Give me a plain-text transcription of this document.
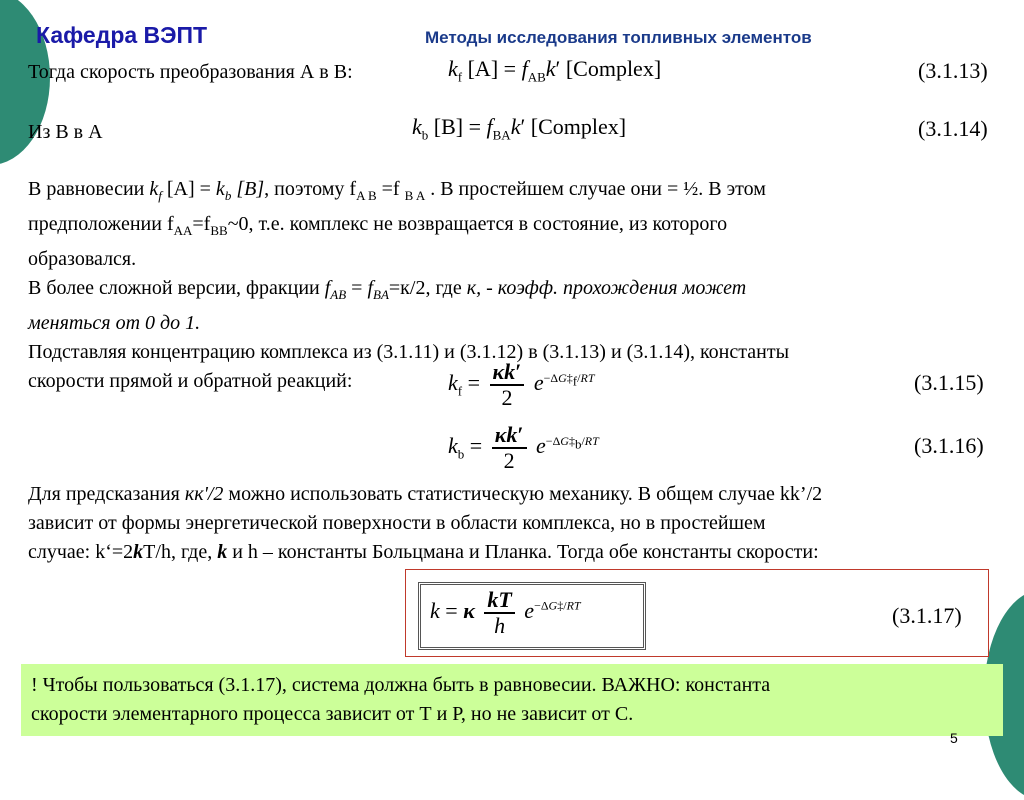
Кафедра ВЭПТ	Методы исследования топливных элементов
Тогда скорость преобразования А в В:	$k_f$ $[A] = f_{AB}k'$ [Complex]	(3.1.13)
Из В в А	$k_b$ $[B] = f_{BA}k'$ [Complex]	(3.1.14)
В равновесии $k_f$ $[A] = k_b$ [B], поэтому $f_{A B} =f$ $_{B A}$ . В простейшем случае они = ½. В этом
предположении $f_{AA}=f_{BB}\sim 0$, т.е. комплекс не возвращается в состояние, из которого
образовался.
В более сложной версии, фракции $f_{AB} = f_{BA}=к/2$, где к, - коэфф. прохождения может
меняться от 0 до 1.
Подставляя концентрацию комплекса из (3.1.11) и (3.1.12) в (3.1.13) и (3.1.14), константы
скорости прямой и обратной реакций:	$k_f = \frac{\kappa k'}{2} e^{-\Delta G\ddagger_f/RT}$	(3.1.15)
$k_b = \frac{\kappa k'}{2} e^{-\Delta G\ddagger_b/RT}$	(3.1.16)
Для предсказания кк'/2 можно использовать статистическую механику. В общем случае kk’/2
зависит от формы энергетической поверхности в области комплекса, но в простейшем
случае: k‘=2kT/h, где, k и h – константы Больцмана и Планка. Тогда обе константы скорости:
k = κ $\frac{kT}{h} e^{-\Delta G\ddagger/RT}$	(3.1.17)
! Чтобы пользоваться (3.1.17), система должна быть в равновесии. ВАЖНО: константа
скорости элементарного процесса зависит от Т и Р, но не зависит от С.
5
